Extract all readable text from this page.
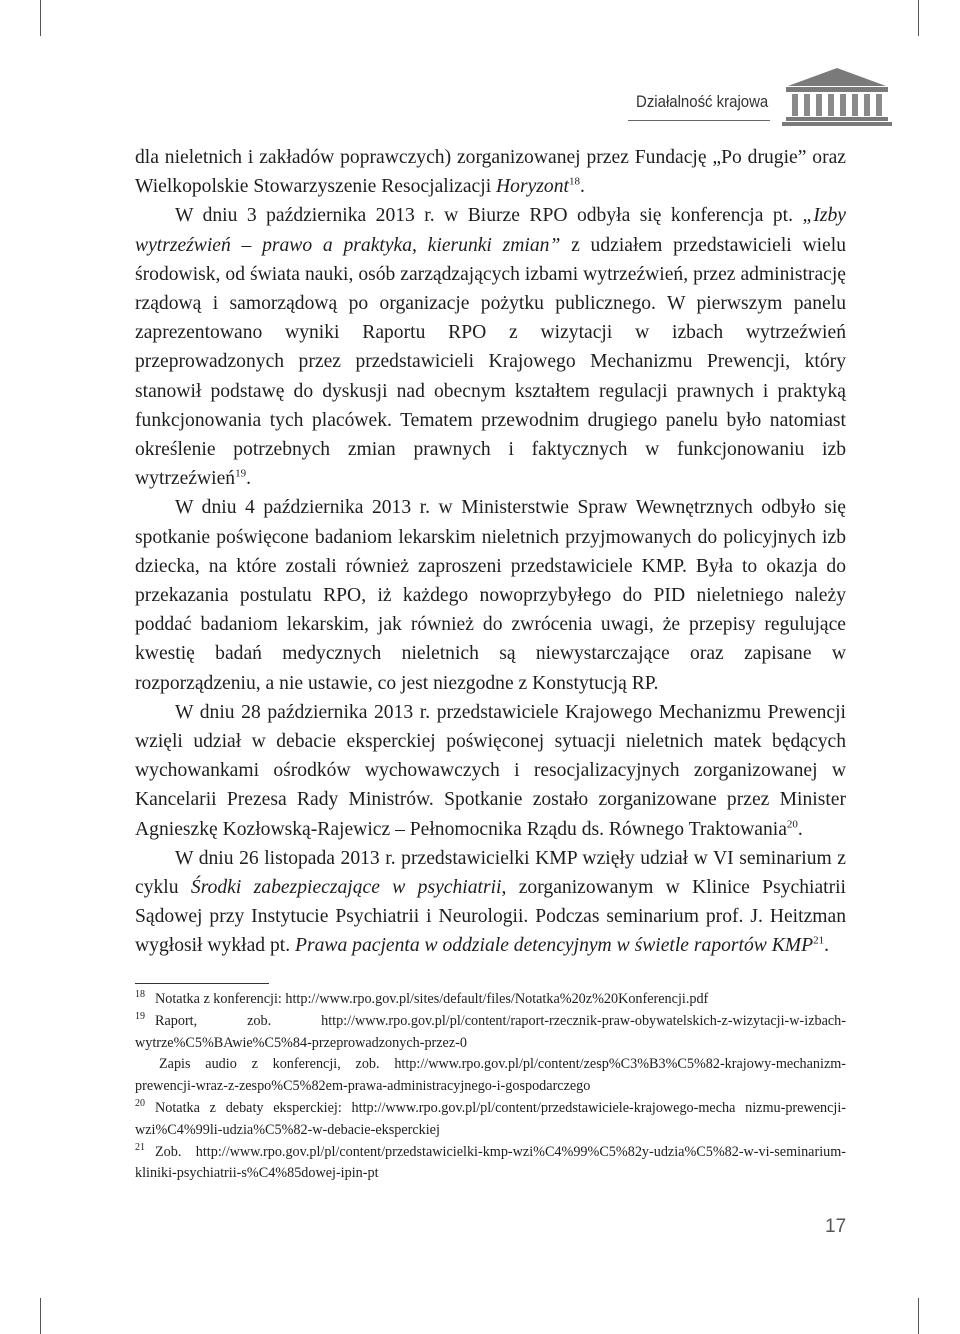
Działalność krajowa

dla nieletnich i zakładów poprawczych) zorganizowanej przez Fundację „Po drugie” oraz Wielkopolskie Stowarzyszenie Resocjalizacji Horyzont$^{18}$.

W dniu 3 października 2013 r. w Biurze RPO odbyła się konferencja pt. „Izby wytrzeźwień – prawo a praktyka, kierunki zmian” z udziałem przedstawicieli wielu środowisk, od świata nauki, osób zarządzających izbami wytrzeźwień, przez administrację rządową i samorządową po organizacje pożytku publicznego. W pierwszym panelu zaprezentowano wyniki Raportu RPO z wizytacji w izbach wytrzeźwień przeprowadzonych przez przedstawicieli Krajowego Mechanizmu Prewencji, który stanowił podstawę do dyskusji nad obecnym kształtem regulacji prawnych i praktyką funkcjonowania tych placówek. Tematem przewodnim drugiego panelu było natomiast określenie potrzebnych zmian prawnych i faktycznych w funkcjonowaniu izb wytrzeźwień$^{19}$.

W dniu 4 października 2013 r. w Ministerstwie Spraw Wewnętrznych odbyło się spotkanie poświęcone badaniom lekarskim nieletnich przyjmowanych do policyjnych izb dziecka, na które zostali również zaproszeni przedstawiciele KMP. Była to okazja do przekazania postulatu RPO, iż każdego nowoprzybyłego do PID nieletniego należy poddać badaniom lekarskim, jak również do zwrócenia uwagi, że przepisy regulujące kwestię badań medycznych nieletnich są niewystarczające oraz zapisane w rozporządzeniu, a nie ustawie, co jest niezgodne z Konstytucją RP.

W dniu 28 października 2013 r. przedstawiciele Krajowego Mechanizmu Prewencji wzięli udział w debacie eksperckiej poświęconej sytuacji nieletnich matek będących wychowankami ośrodków wychowawczych i resocjalizacyjnych zorganizowanej w Kancelarii Prezesa Rady Ministrów. Spotkanie zostało zorganizowane przez Minister Agnieszkę Kozłowską-Rajewicz – Pełnomocnika Rządu ds. Równego Traktowania$^{20}$.

W dniu 26 listopada 2013 r. przedstawicielki KMP wzięły udział w VI seminarium z cyklu Środki zabezpieczające w psychiatrii, zorganizowanym w Klinice Psychiatrii Sądowej przy Instytucie Psychiatrii i Neurologii. Podczas seminarium prof. J. Heitzman wygłosił wykład pt. Prawa pacjenta w oddziale detencyjnym w świetle raportów KMP$^{21}$.

$^{18}$ Notatka z konferencji: http://www.rpo.gov.pl/sites/default/files/Notatka%20z%20Konferencji.pdf

$^{19}$ Raport, zob. http://www.rpo.gov.pl/pl/content/raport-rzecznik-praw-obywatelskich-z-wizytacji-w-izbach-wytrze%C5%BAwie%C5%84-przeprowadzonych-przez-0

Zapis audio z konferencji, zob. http://www.rpo.gov.pl/pl/content/zesp%C3%B3%C5%82-krajowy-mechanizm-prewencji-wraz-z-zespo%C5%82em-prawa-administracyjnego-i-gospodarczego

$^{20}$ Notatka z debaty eksperckiej: http://www.rpo.gov.pl/pl/content/przedstawiciele-krajowego-mecha nizmu-prewencji-wzi%C4%99li-udzia%C5%82-w-debacie-eksperckiej

$^{21}$ Zob. http://www.rpo.gov.pl/pl/content/przedstawicielki-kmp-wzi%C4%99%C5%82y-udzia%C5%82-w-vi-seminarium-kliniki-psychiatrii-s%C4%85dowej-ipin-pt

17
